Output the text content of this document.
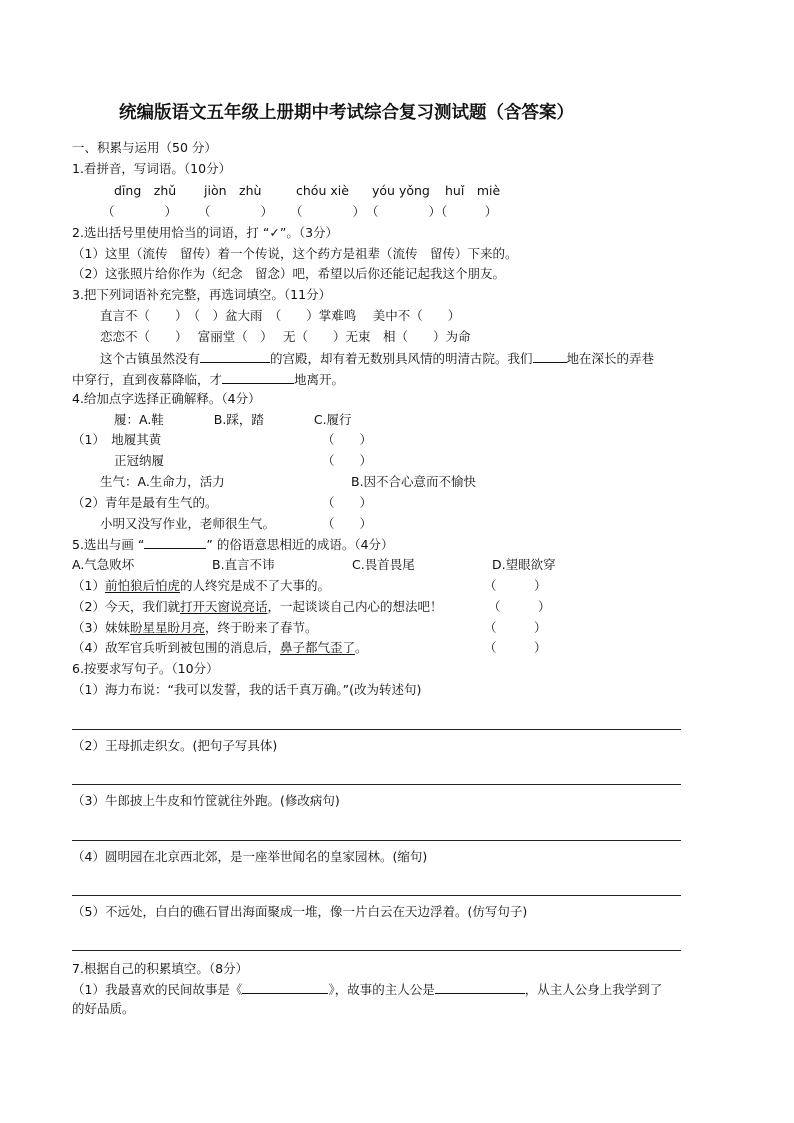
统编版语文五年级上册期中考试综合复习测试题（含答案）
一、积累与运用（50 分）
1.看拼音，写词语。（10分）
dīng　zhǔ jiòn　zhù	chóu xiè yóu yǒng huǐ　miè
（　　　　） （　　　　） （　　　　） （　　　　）（　　　）
2.选出括号里使用恰当的词语，打 “✓”。（3分）
（1）这里（流传　留传）着一个传说，这个药方是祖辈（流传　留传）下来的。
（2）这张照片给你作为（纪念　留念）吧，希望以后你还能记起我这个朋友。
3.把下列词语补充完整，再选词填空。（11分）
直言不（　　）　（　）盆大雨　（　　）掌难鸣　 美中不（　　）
恋恋不（　　）　 富丽堂（　）　 无（　　）无束　相（　　）为命
这个古镇虽然没有	的宫殿，却有着无数别具风情的明清古院。我们	地在深长的弄巷
中穿行，直到夜幕降临，才	地离开。
4.给加点字选择正确解释。（4分）
履：A.鞋　　　　B.踩，踏　　　　C.履行
（1）　地履其黄	（　　）
正冠纳履	（　　）
生气：A.生命力，活力	B.因不合心意而不愉快
（2）青年是最有生气的。	（　　）
小明又没写作业，老师很生气。	（　　）
5.选出与画 “	” 的俗语意思相近的成语。（4分）
A.气急败坏	B.直言不讳	C.畏首畏尾	D.望眼欲穿
（1）前怕狼后怕虎的人终究是成不了大事的。	（　　　）
（2）今天，我们就打开天窗说亮话，一起谈谈自己内心的想法吧！	（　　　）
（3）妹妹盼星星盼月亮，终于盼来了春节。	（　　　）
（4）敌军官兵听到被包围的消息后，鼻子都气歪了。	（　　　）
6.按要求写句子。（10分）
（1）海力布说：“我可以发誓，我的话千真万确。”(改为转述句)
（2）王母抓走织女。(把句子写具体)
（3）牛郎披上牛皮和竹筐就往外跑。(修改病句)
（4）圆明园在北京西北郊，是一座举世闻名的皇家园林。(缩句)
（5）不远处，白白的礁石冒出海面聚成一堆，像一片白云在天边浮着。(仿写句子)
7.根据自己的积累填空。（8分）
（1）我最喜欢的民间故事是《	》，故事的主人公是	，从主人公身上我学到了
的好品质。
